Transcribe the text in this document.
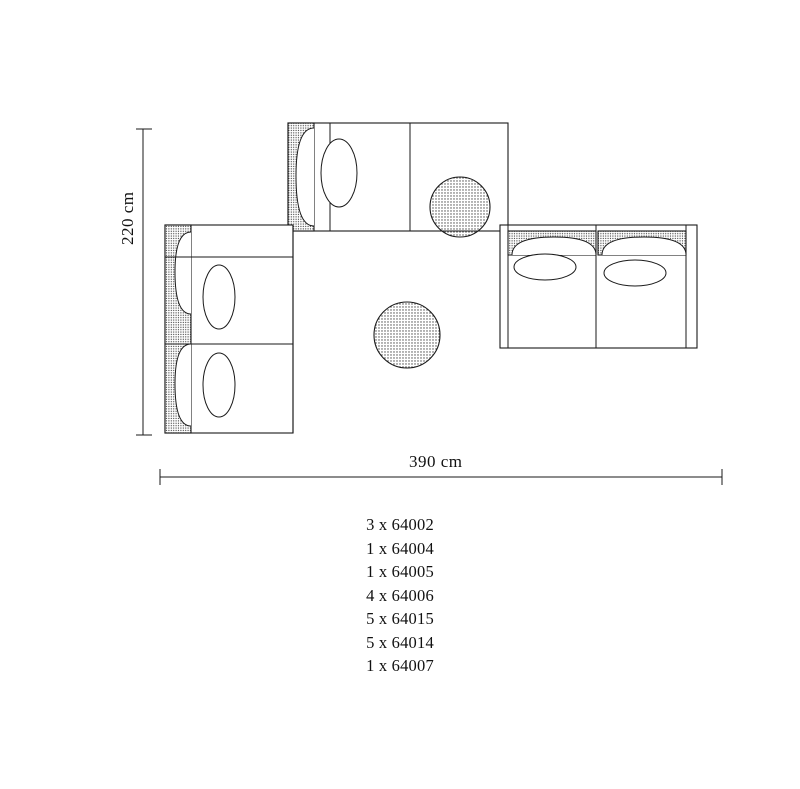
220 cm
390 cm
3 x 64002
1 x 64004
1 x 64005
4 x 64006
5 x 64015
5 x 64014
1 x 64007
